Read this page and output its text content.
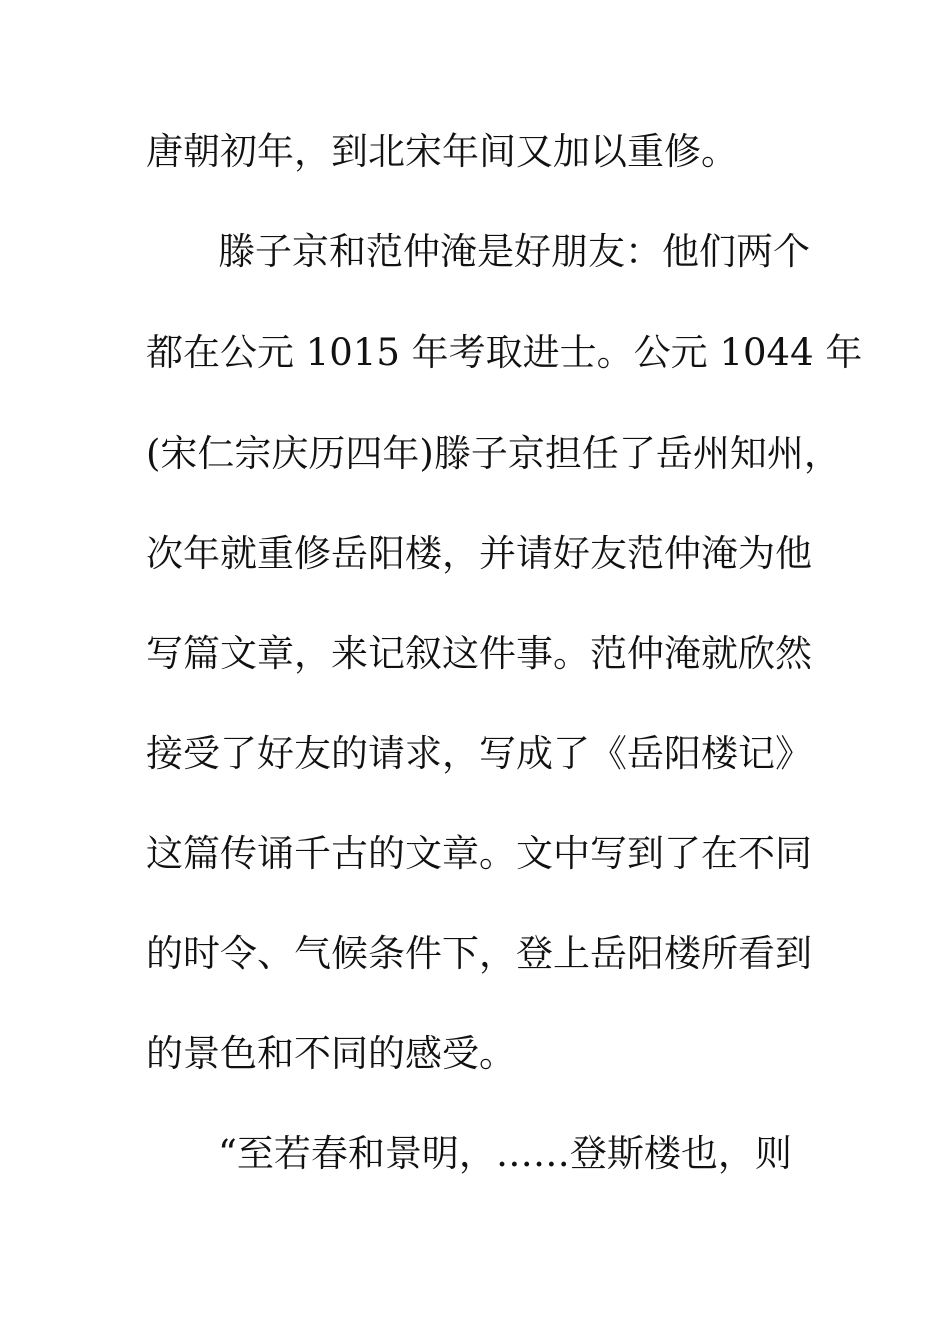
唐朝初年，到北宋年间又加以重修。
滕子京和范仲淹是好朋友：他们两个
都在公元 1015 年考取进士。公元 1044 年
(宋仁宗庆历四年)滕子京担任了岳州知州，
次年就重修岳阳楼，并请好友范仲淹为他
写篇文章，来记叙这件事。范仲淹就欣然
接受了好友的请求，写成了《岳阳楼记》
这篇传诵千古的文章。文中写到了在不同
的时令、气候条件下，登上岳阳楼所看到
的景色和不同的感受。
“至若春和景明，……登斯楼也，则
